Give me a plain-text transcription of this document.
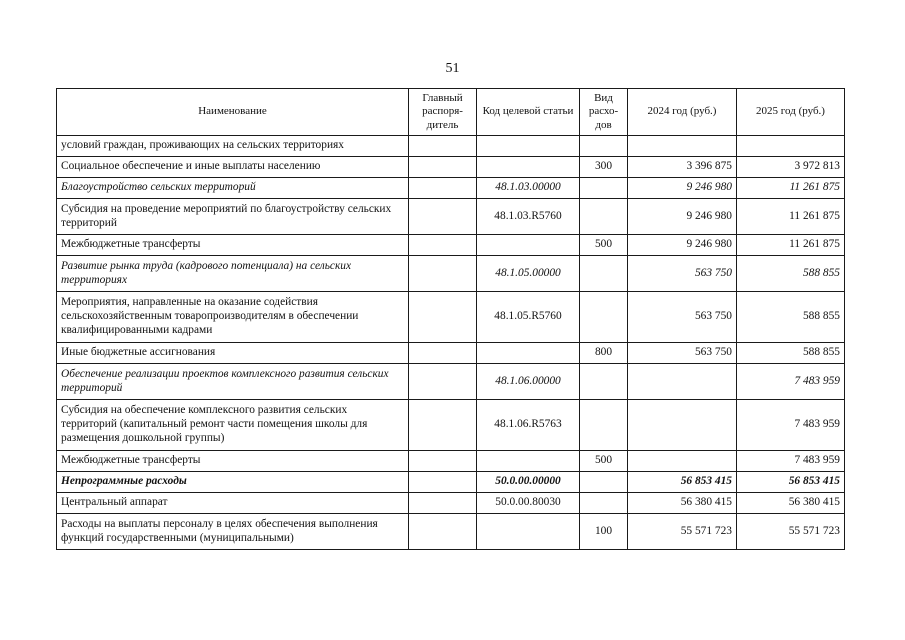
51
Наименование	Главный распоря-дитель	Код целевой статьи	Вид расхо-дов	2024 год (руб.)	2025 год (руб.)
условий граждан, проживающих на сельских территориях					
Социальное обеспечение и иные выплаты населению			300	3 396 875	3 972 813
Благоустройство сельских территорий		48.1.03.00000		9 246 980	11 261 875
Субсидия на проведение мероприятий по благоустройству сельских территорий		48.1.03.R5760		9 246 980	11 261 875
Межбюджетные трансферты			500	9 246 980	11 261 875
Развитие рынка труда (кадрового потенциала) на сельских территориях		48.1.05.00000		563 750	588 855
Мероприятия, направленные на оказание содействия сельскохозяйственным товаропроизводителям в обеспечении квалифицированными кадрами		48.1.05.R5760		563 750	588 855
Иные бюджетные ассигнования			800	563 750	588 855
Обеспечение реализации проектов комплексного развития сельских территорий		48.1.06.00000			7 483 959
Субсидия на обеспечение комплексного развития сельских территорий (капитальный ремонт части помещения школы для размещения дошкольной группы)		48.1.06.R5763			7 483 959
Межбюджетные трансферты			500		7 483 959
Непрограммные расходы		50.0.00.00000		56 853 415	56 853 415
Центральный аппарат		50.0.00.80030		56 380 415	56 380 415
Расходы на выплаты персоналу в целях обеспечения выполнения функций государственными (муниципальными)			100	55 571 723	55 571 723
